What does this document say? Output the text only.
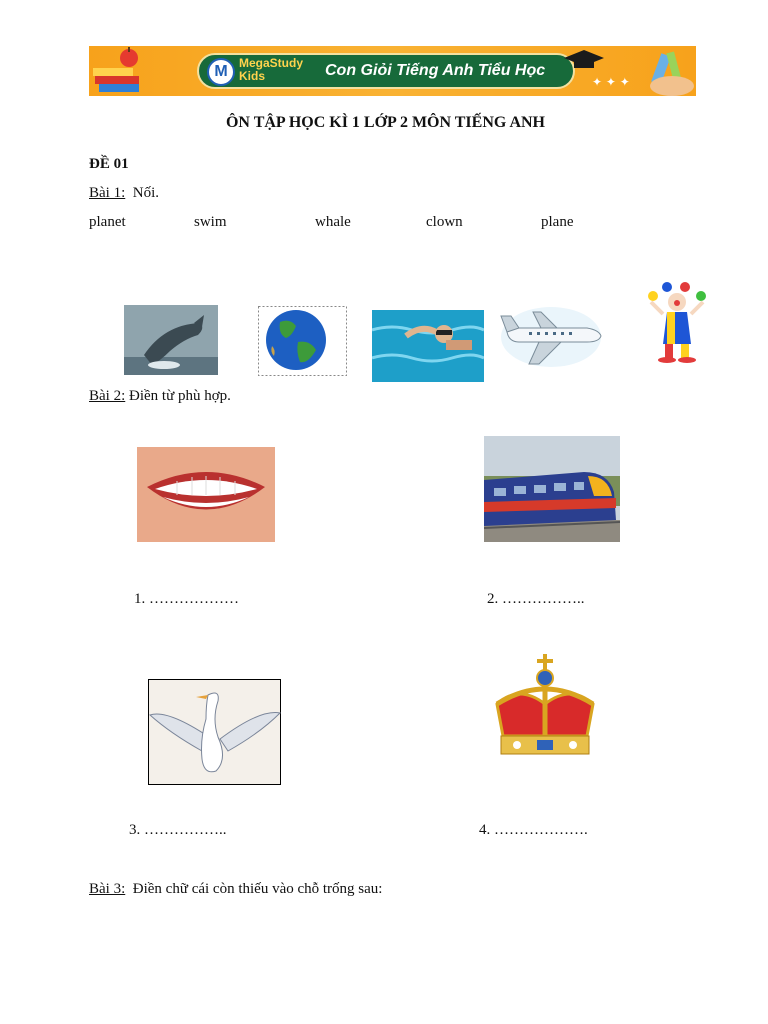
M MegaStudy Kids	Con Giỏi Tiếng Anh Tiểu Học
✦ ✦ ✦
ÔN TẬP HỌC KÌ 1 LỚP 2 MÔN TIẾNG ANH
ĐỀ 01
Bài 1: Nối.
planet	swim	whale	clown	plane
Bài 2: Điền từ phù hợp.
1. ………………	2. ……………..
3. ……………..	4. ……………….
Bài 3: Điền chữ cái còn thiếu vào chỗ trống sau:
